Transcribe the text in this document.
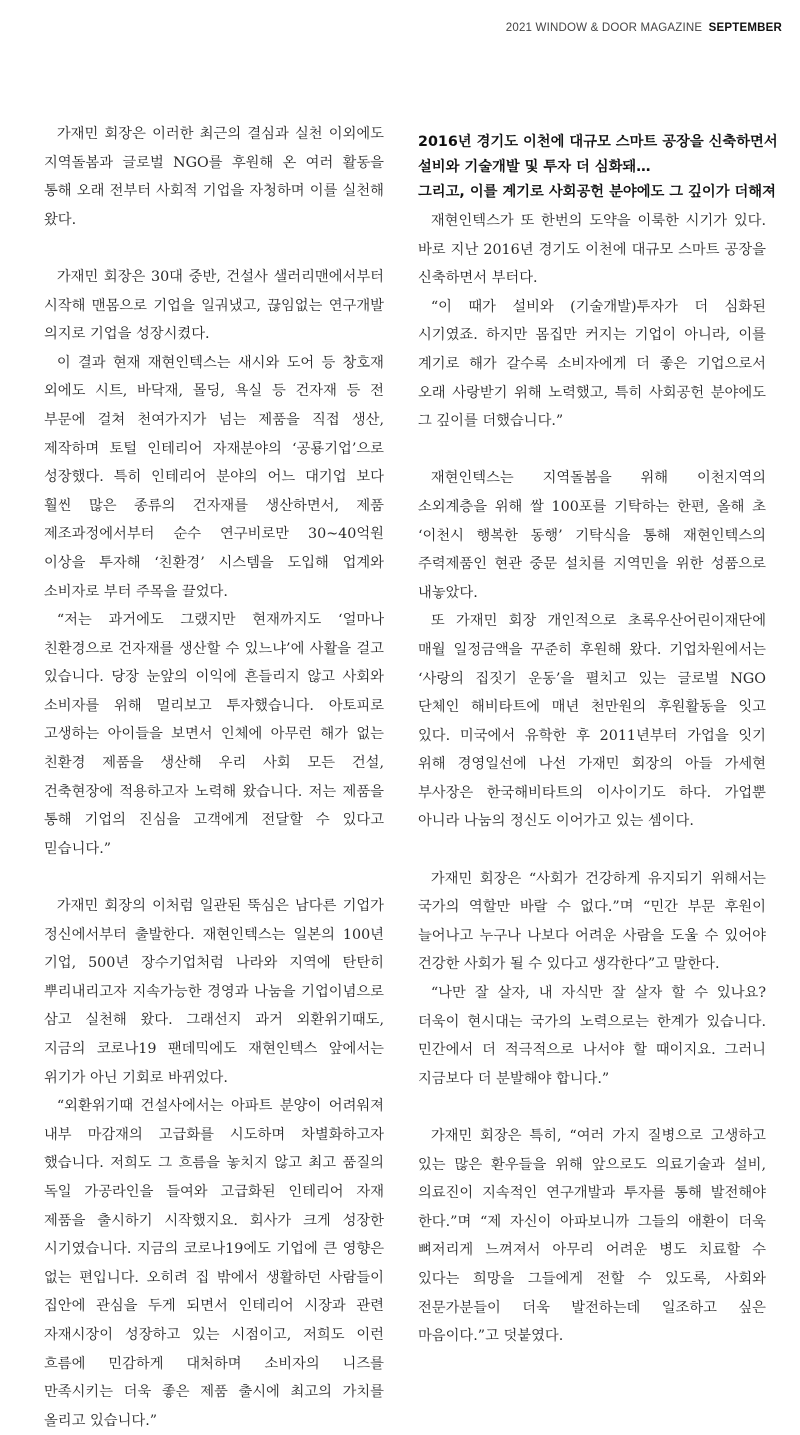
2021 WINDOW & DOOR MAGAZINE SEPTEMBER

가재민 회장은 이러한 최근의 결심과 실천 이외에도 지역돌봄과 글로벌 NGO를 후원해 온 여러 활동을 통해 오래 전부터 사회적 기업을 자청하며 이를 실천해 왔다.

가재민 회장은 30대 중반, 건설사 샐러리맨에서부터 시작해 맨몸으로 기업을 일궈냈고, 끊임없는 연구개발 의지로 기업을 성장시켰다.

이 결과 현재 재현인텍스는 새시와 도어 등 창호재 외에도 시트, 바닥재, 몰딩, 욕실 등 건자재 등 전 부문에 걸쳐 천여가지가 넘는 제품을 직접 생산, 제작하며 토털 인테리어 자재분야의 ‘공룡기업’으로 성장했다. 특히 인테리어 분야의 어느 대기업 보다 훨씬 많은 종류의 건자재를 생산하면서, 제품 제조과정에서부터 순수 연구비로만 30~40억원 이상을 투자해 ‘친환경’ 시스템을 도입해 업계와 소비자로 부터 주목을 끌었다.

“저는 과거에도 그랬지만 현재까지도 ‘얼마나 친환경으로 건자재를 생산할 수 있느냐’에 사활을 걸고 있습니다. 당장 눈앞의 이익에 흔들리지 않고 사회와 소비자를 위해 멀리보고 투자했습니다. 아토피로 고생하는 아이들을 보면서 인체에 아무런 해가 없는 친환경 제품을 생산해 우리 사회 모든 건설, 건축현장에 적용하고자 노력해 왔습니다. 저는 제품을 통해 기업의 진심을 고객에게 전달할 수 있다고 믿습니다.”

가재민 회장의 이처럼 일관된 뚝심은 남다른 기업가 정신에서부터 출발한다. 재현인텍스는 일본의 100년 기업, 500년 장수기업처럼 나라와 지역에 탄탄히 뿌리내리고자 지속가능한 경영과 나눔을 기업이념으로 삼고 실천해 왔다. 그래선지 과거 외환위기때도, 지금의 코로나19 팬데믹에도 재현인텍스 앞에서는 위기가 아닌 기회로 바뀌었다.

“외환위기때 건설사에서는 아파트 분양이 어려워져 내부 마감재의 고급화를 시도하며 차별화하고자 했습니다. 저희도 그 흐름을 놓치지 않고 최고 품질의 독일 가공라인을 들여와 고급화된 인테리어 자재 제품을 출시하기 시작했지요. 회사가 크게 성장한 시기였습니다. 지금의 코로나19에도 기업에 큰 영향은 없는 편입니다. 오히려 집 밖에서 생활하던 사람들이 집안에 관심을 두게 되면서 인테리어 시장과 관련 자재시장이 성장하고 있는 시점이고, 저희도 이런 흐름에 민감하게 대처하며 소비자의 니즈를 만족시키는 더욱 좋은 제품 출시에 최고의 가치를 올리고 있습니다.”

2016년 경기도 이천에 대규모 스마트 공장을 신축하면서
설비와 기술개발 및 투자 더 심화돼…
그리고, 이를 계기로 사회공헌 분야에도 그 깊이가 더해져

재현인텍스가 또 한번의 도약을 이룩한 시기가 있다. 바로 지난 2016년 경기도 이천에 대규모 스마트 공장을 신축하면서 부터다.

“이 때가 설비와 (기술개발)투자가 더 심화된 시기였죠. 하지만 몸집만 커지는 기업이 아니라, 이를 계기로 해가 갈수록 소비자에게 더 좋은 기업으로서 오래 사랑받기 위해 노력했고, 특히 사회공헌 분야에도 그 깊이를 더했습니다.”

재현인텍스는 지역돌봄을 위해 이천지역의 소외계층을 위해 쌀 100포를 기탁하는 한편, 올해 초 ‘이천시 행복한 동행’ 기탁식을 통해 재현인텍스의 주력제품인 현관 중문 설치를 지역민을 위한 성품으로 내놓았다.

또 가재민 회장 개인적으로 초록우산어린이재단에 매월 일정금액을 꾸준히 후원해 왔다. 기업차원에서는 ‘사랑의 집짓기 운동’을 펼치고 있는 글로벌 NGO 단체인 해비타트에 매년 천만원의 후원활동을 잇고 있다. 미국에서 유학한 후 2011년부터 가업을 잇기 위해 경영일선에 나선 가재민 회장의 아들 가세현 부사장은 한국해비타트의 이사이기도 하다. 가업뿐 아니라 나눔의 정신도 이어가고 있는 셈이다.

가재민 회장은 “사회가 건강하게 유지되기 위해서는 국가의 역할만 바랄 수 없다.”며 “민간 부문 후원이 늘어나고 누구나 나보다 어려운 사람을 도울 수 있어야 건강한 사회가 될 수 있다고 생각한다”고 말한다.

“나만 잘 살자, 내 자식만 잘 살자 할 수 있나요? 더욱이 현시대는 국가의 노력으로는 한계가 있습니다. 민간에서 더 적극적으로 나서야 할 때이지요. 그러니 지금보다 더 분발해야 합니다.”

가재민 회장은 특히, “여러 가지 질병으로 고생하고 있는 많은 환우들을 위해 앞으로도 의료기술과 설비, 의료진이 지속적인 연구개발과 투자를 통해 발전해야 한다.”며 “제 자신이 아파보니까 그들의 애환이 더욱 뼈저리게 느껴져서 아무리 어려운 병도 치료할 수 있다는 희망을 그들에게 전할 수 있도록, 사회와 전문가분들이 더욱 발전하는데 일조하고 싶은 마음이다.”고 덧붙였다.
